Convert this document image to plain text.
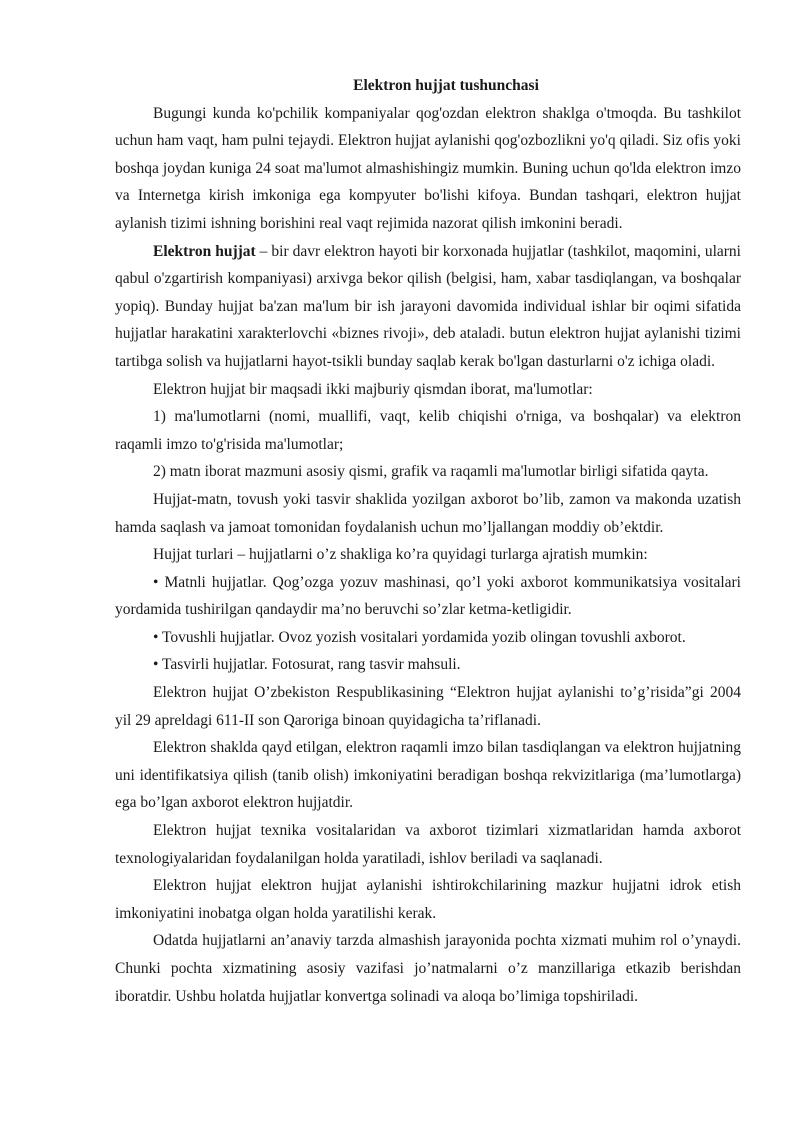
Elektron hujjat tushunchasi

Bugungi kunda ko'pchilik kompaniyalar qog'ozdan elektron shaklga o'tmoqda. Bu tashkilot uchun ham vaqt, ham pulni tejaydi. Elektron hujjat aylanishi qog'ozbozlikni yo'q qiladi. Siz ofis yoki boshqa joydan kuniga 24 soat ma'lumot almashishingiz mumkin. Buning uchun qo'lda elektron imzo va Internetga kirish imkoniga ega kompyuter bo'lishi kifoya. Bundan tashqari, elektron hujjat aylanish tizimi ishning borishini real vaqt rejimida nazorat qilish imkonini beradi.

Elektron hujjat – bir davr elektron hayoti bir korxonada hujjatlar (tashkilot, maqomini, ularni qabul o'zgartirish kompaniyasi) arxivga bekor qilish (belgisi, ham, xabar tasdiqlangan, va boshqalar yopiq). Bunday hujjat ba'zan ma'lum bir ish jarayoni davomida individual ishlar bir oqimi sifatida hujjatlar harakatini xarakterlovchi «biznes rivoji», deb ataladi. butun elektron hujjat aylanishi tizimi tartibga solish va hujjatlarni hayot-tsikli bunday saqlab kerak bo'lgan dasturlarni o'z ichiga oladi.

Elektron hujjat bir maqsadi ikki majburiy qismdan iborat, ma'lumotlar:

1) ma'lumotlarni (nomi, muallifi, vaqt, kelib chiqishi o'rniga, va boshqalar) va elektron raqamli imzo to'g'risida ma'lumotlar;

2) matn iborat mazmuni asosiy qismi, grafik va raqamli ma'lumotlar birligi sifatida qayta.

Hujjat-matn, tovush yoki tasvir shaklida yozilgan axborot bo’lib, zamon va makonda uzatish hamda saqlash va jamoat tomonidan foydalanish uchun mo’ljallangan moddiy ob’ektdir.

Hujjat turlari – hujjatlarni o’z shakliga ko’ra quyidagi turlarga ajratish mumkin:

• Matnli hujjatlar. Qog’ozga yozuv mashinasi, qo’l yoki axborot kommunikatsiya vositalari yordamida tushirilgan qandaydir ma’no beruvchi so’zlar ketma-ketligidir.

• Tovushli hujjatlar. Ovoz yozish vositalari yordamida yozib olingan tovushli axborot.

• Tasvirli hujjatlar. Fotosurat, rang tasvir mahsuli.

Elektron hujjat O’zbekiston Respublikasining “Elektron hujjat aylanishi to’g’risida”gi 2004 yil 29 apreldagi 611-II son Qaroriga binoan quyidagicha ta’riflanadi.

Elektron shaklda qayd etilgan, elektron raqamli imzo bilan tasdiqlangan va elektron hujjatning uni identifikatsiya qilish (tanib olish) imkoniyatini beradigan boshqa rekvizitlariga (ma’lumotlarga) ega bo’lgan axborot elektron hujjatdir.

Elektron hujjat texnika vositalaridan va axborot tizimlari xizmatlaridan hamda axborot texnologiyalaridan foydalanilgan holda yaratiladi, ishlov beriladi va saqlanadi.

Elektron hujjat elektron hujjat aylanishi ishtirokchilarining mazkur hujjatni idrok etish imkoniyatini inobatga olgan holda yaratilishi kerak.

Odatda hujjatlarni an’anaviy tarzda almashish jarayonida pochta xizmati muhim rol o’ynaydi. Chunki pochta xizmatining asosiy vazifasi jo’natmalarni o’z manzillariga etkazib berishdan iboratdir. Ushbu holatda hujjatlar konvertga solinadi va aloqa bo’limiga topshiriladi.
